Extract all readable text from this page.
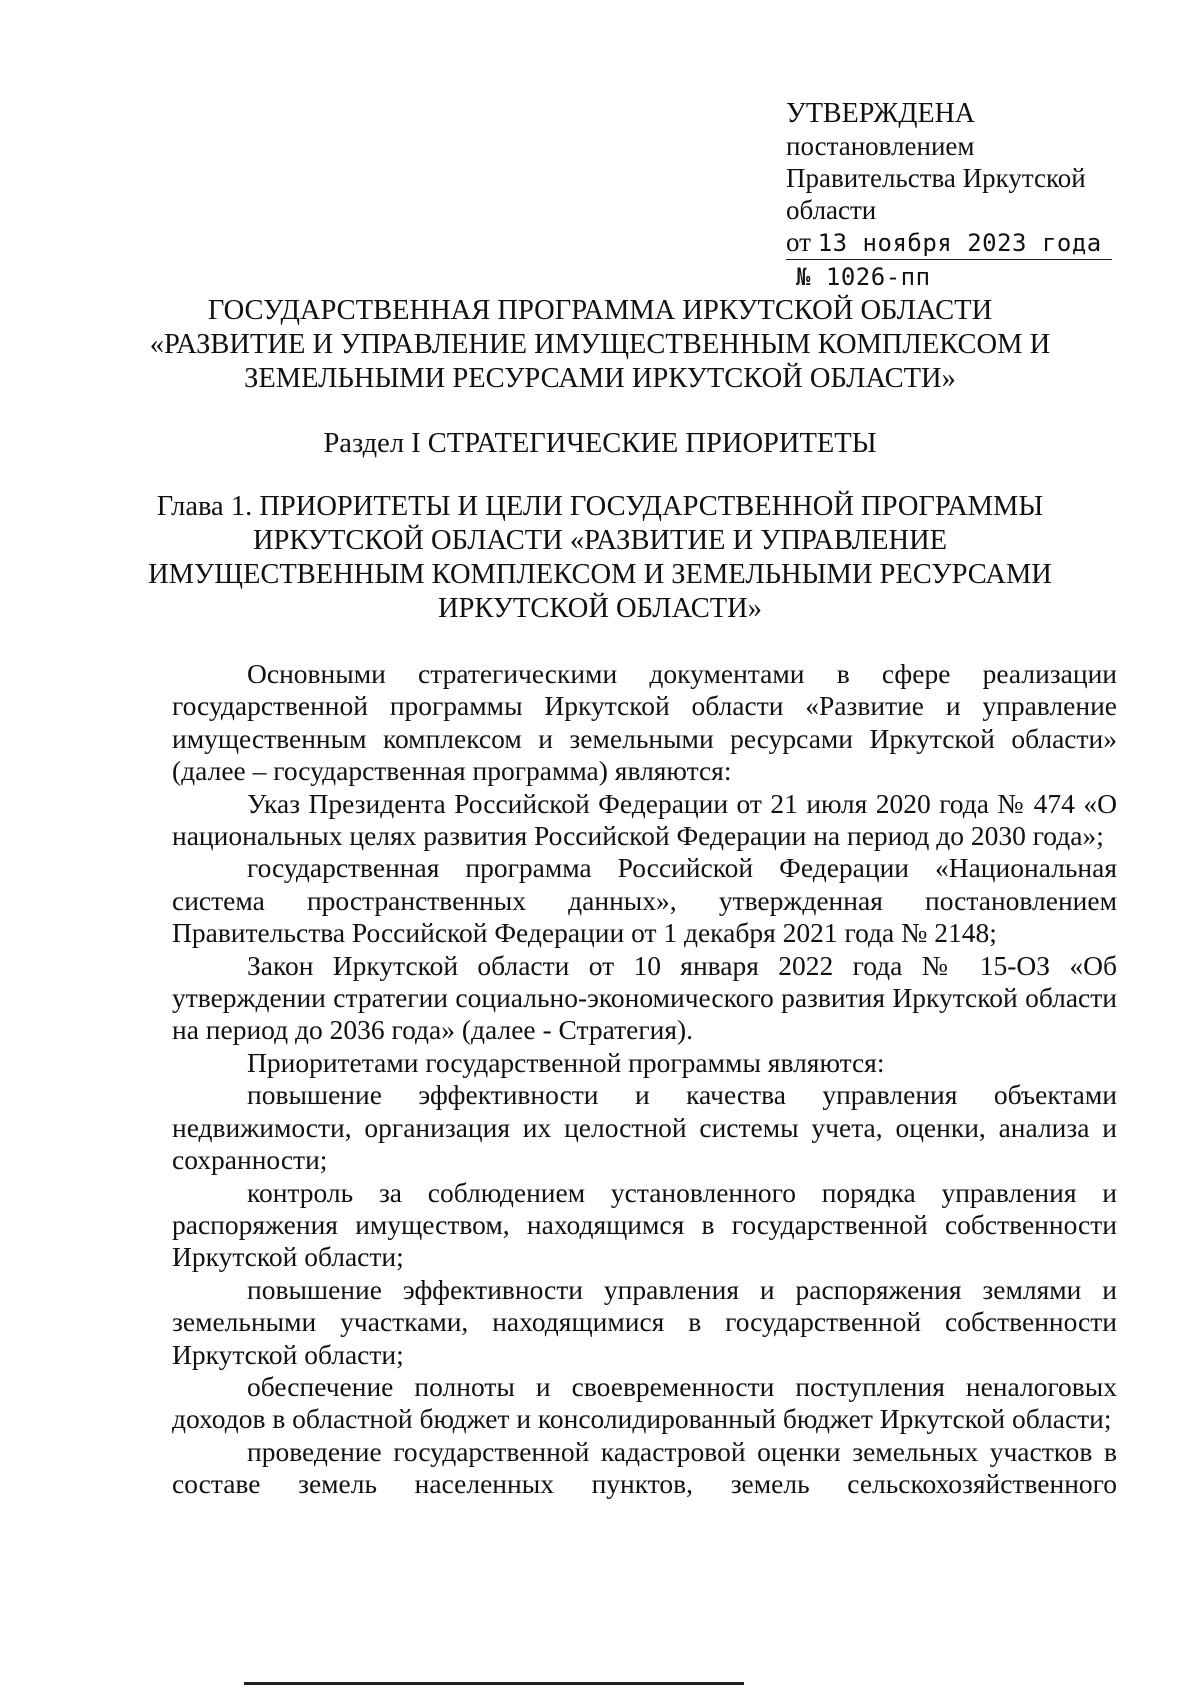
УТВЕРЖДЕНА
постановлением
Правительства Иркутской
области
от 13 ноября 2023 года
№ 1026-пп
ГОСУДАРСТВЕННАЯ ПРОГРАММА ИРКУТСКОЙ ОБЛАСТИ
«РАЗВИТИЕ И УПРАВЛЕНИЕ ИМУЩЕСТВЕННЫМ КОМПЛЕКСОМ И
ЗЕМЕЛЬНЫМИ РЕСУРСАМИ ИРКУТСКОЙ ОБЛАСТИ»
Раздел I СТРАТЕГИЧЕСКИЕ ПРИОРИТЕТЫ
Глава 1. ПРИОРИТЕТЫ И ЦЕЛИ ГОСУДАРСТВЕННОЙ ПРОГРАММЫ
ИРКУТСКОЙ ОБЛАСТИ «РАЗВИТИЕ И УПРАВЛЕНИЕ
ИМУЩЕСТВЕННЫМ КОМПЛЕКСОМ И ЗЕМЕЛЬНЫМИ РЕСУРСАМИ
ИРКУТСКОЙ ОБЛАСТИ»

Основными стратегическими документами в сфере реализации государственной программы Иркутской области «Развитие и управление имущественным комплексом и земельными ресурсами Иркутской области» (далее – государственная программа) являются:

Указ Президента Российской Федерации от 21 июля 2020 года № 474 «О национальных целях развития Российской Федерации на период до 2030 года»;

государственная программа Российской Федерации «Национальная система пространственных данных», утвержденная постановлением Правительства Российской Федерации от 1 декабря 2021 года № 2148;

Закон Иркутской области от 10 января 2022 года № 15-ОЗ «Об утверждении стратегии социально-экономического развития Иркутской области на период до 2036 года» (далее - Стратегия).

Приоритетами государственной программы являются:

повышение эффективности и качества управления объектами недвижимости, организация их целостной системы учета, оценки, анализа и сохранности;

контроль за соблюдением установленного порядка управления и распоряжения имуществом, находящимся в государственной собственности Иркутской области;

повышение эффективности управления и распоряжения землями и земельными участками, находящимися в государственной собственности Иркутской области;

обеспечение полноты и своевременности поступления неналоговых доходов в областной бюджет и консолидированный бюджет Иркутской области;

проведение государственной кадастровой оценки земельных участков в составе земель населенных пунктов, земель сельскохозяйственного
